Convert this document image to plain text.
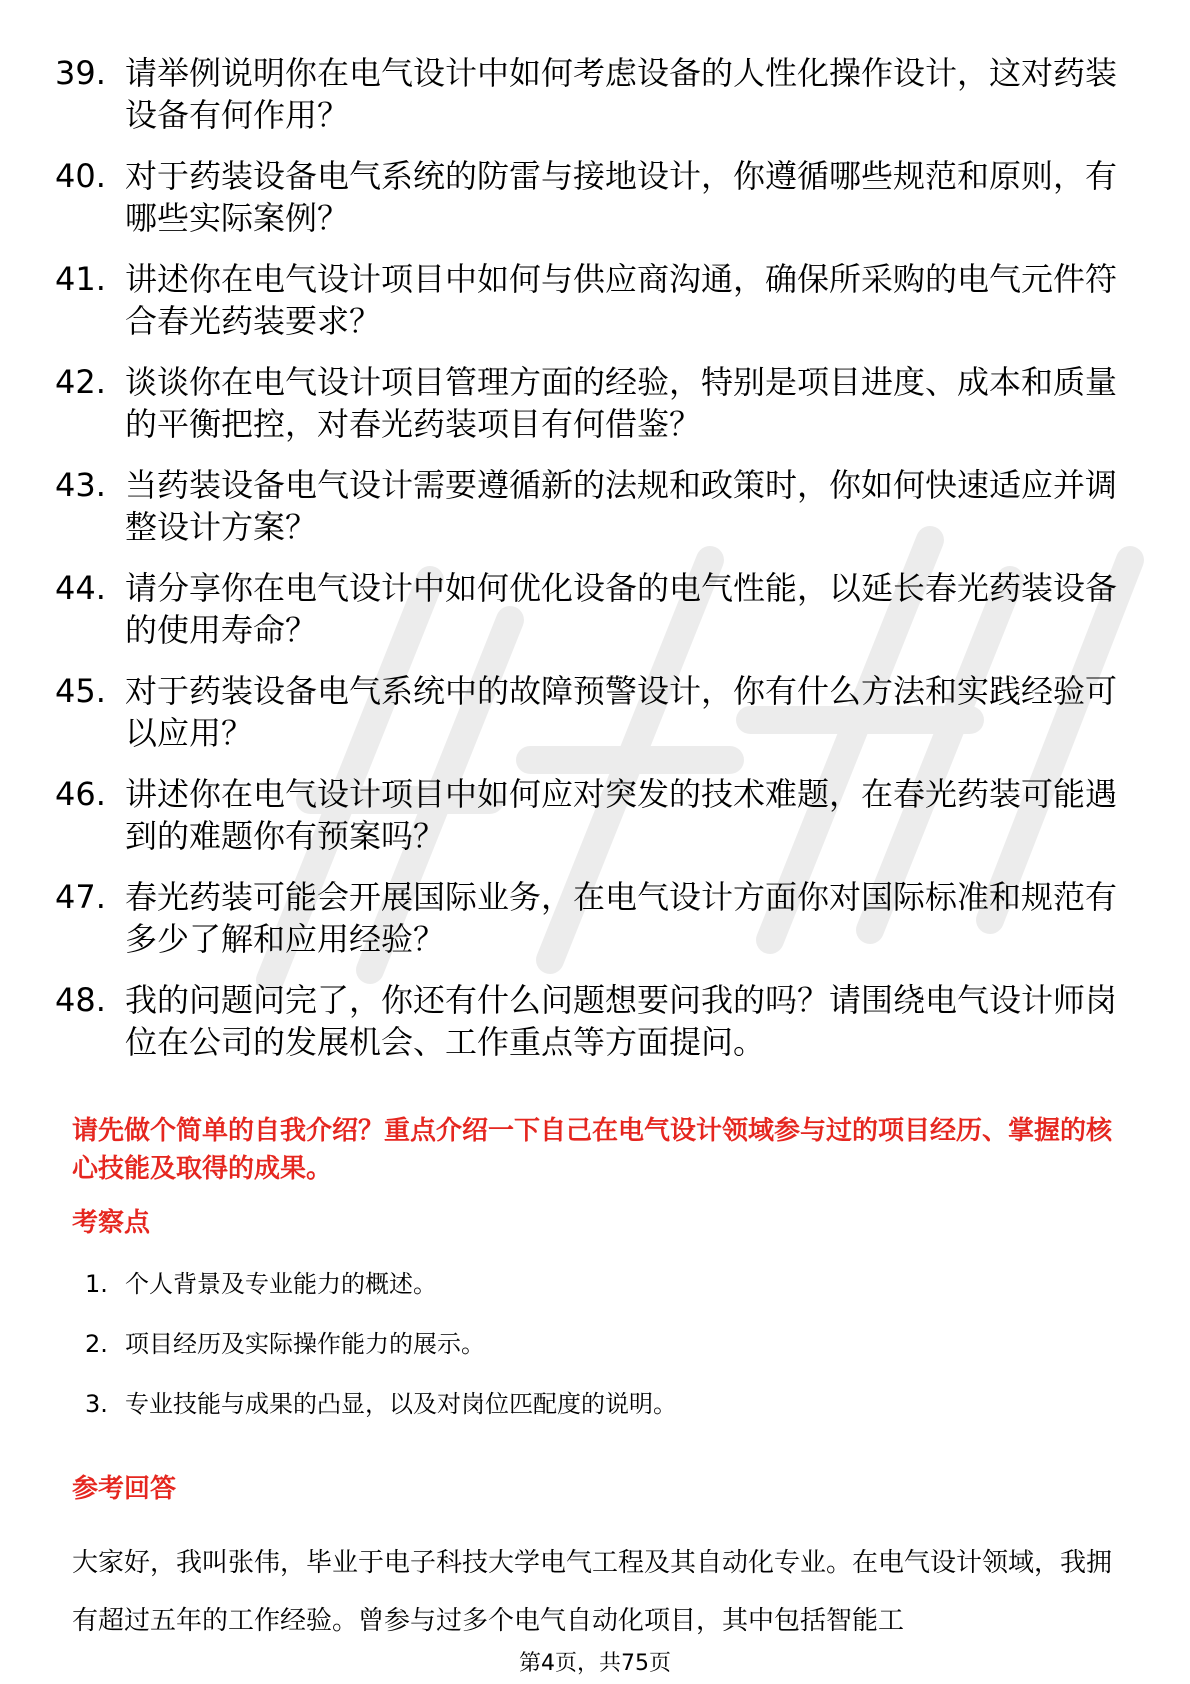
39. 请举例说明你在电气设计中如何考虑设备的人性化操作设计，这对药装设备有何作用？
40. 对于药装设备电气系统的防雷与接地设计，你遵循哪些规范和原则，有哪些实际案例？
41. 讲述你在电气设计项目中如何与供应商沟通，确保所采购的电气元件符合春光药装要求？
42. 谈谈你在电气设计项目管理方面的经验，特别是项目进度、成本和质量的平衡把控，对春光药装项目有何借鉴？
43. 当药装设备电气设计需要遵循新的法规和政策时，你如何快速适应并调整设计方案？
44. 请分享你在电气设计中如何优化设备的电气性能，以延长春光药装设备的使用寿命？
45. 对于药装设备电气系统中的故障预警设计，你有什么方法和实践经验可以应用？
46. 讲述你在电气设计项目中如何应对突发的技术难题，在春光药装可能遇到的难题你有预案吗？
47. 春光药装可能会开展国际业务，在电气设计方面你对国际标准和规范有多少了解和应用经验？
48. 我的问题问完了，你还有什么问题想要问我的吗？请围绕电气设计师岗位在公司的发展机会、工作重点等方面提问。

请先做个简单的自我介绍？重点介绍一下自己在电气设计领域参与过的项目经历、掌握的核心技能及取得的成果。

考察点

1. 个人背景及专业能力的概述。
2. 项目经历及实际操作能力的展示。
3. 专业技能与成果的凸显，以及对岗位匹配度的说明。

参考回答

大家好，我叫张伟，毕业于电子科技大学电气工程及其自动化专业。在电气设计领域，我拥有超过五年的工作经验。曾参与过多个电气自动化项目，其中包括智能工

第4页，共75页
